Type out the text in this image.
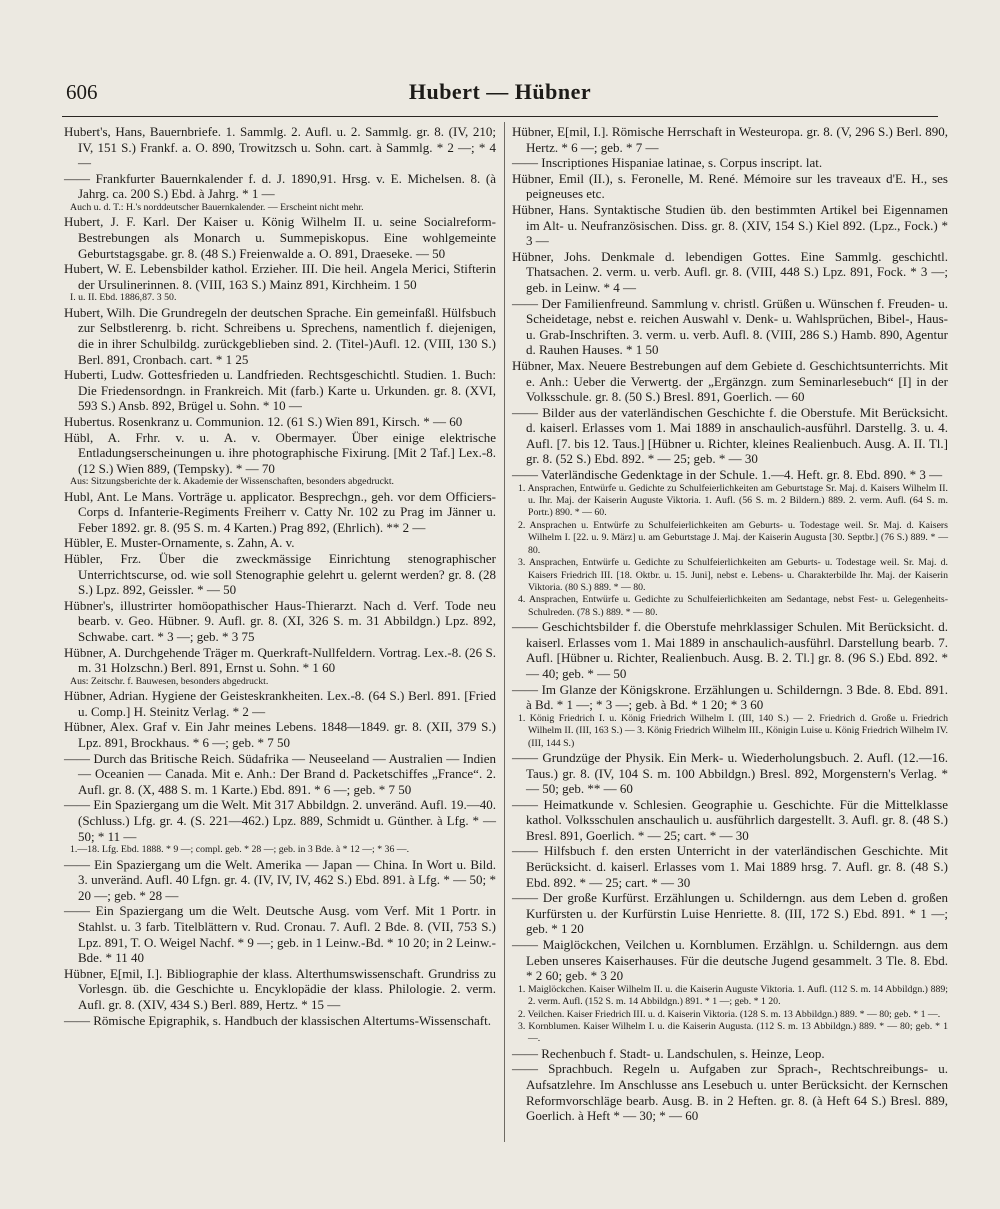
606	Hubert — Hübner

Hubert's, Hans, Bauernbriefe. 1. Sammlg. 2. Aufl. u. 2. Sammlg. gr. 8. (IV, 210; IV, 151 S.) Frankf. a. O. 890, Trowitzsch u. Sohn. cart. à Sammlg. * 2 —; * 4 —

—— Frankfurter Bauernkalender f. d. J. 1890,91. Hrsg. v. E. Michelsen. 8. (à Jahrg. ca. 200 S.) Ebd. à Jahrg. * 1 —

Auch u. d. T.: H.'s norddeutscher Bauernkalender. — Erscheint nicht mehr.

Hubert, J. F. Karl. Der Kaiser u. König Wilhelm II. u. seine Socialreform-Bestrebungen als Monarch u. Summepiskopus. Eine wohlgemeinte Geburtstagsgabe. gr. 8. (48 S.) Freienwalde a. O. 891, Draeseke. — 50

Hubert, W. E. Lebensbilder kathol. Erzieher. III. Die heil. Angela Merici, Stifterin der Ursulinerinnen. 8. (VIII, 163 S.) Mainz 891, Kirchheim. 1 50

I. u. II. Ebd. 1886,87. 3 50.

Hubert, Wilh. Die Grundregeln der deutschen Sprache. Ein gemeinfaßl. Hülfsbuch zur Selbstlerenrg. b. richt. Schreibens u. Sprechens, namentlich f. diejenigen, die in ihrer Schulbildg. zurückgeblieben sind. 2. (Titel-)Aufl. 12. (VIII, 130 S.) Berl. 891, Cronbach. cart. * 1 25

Huberti, Ludw. Gottesfrieden u. Landfrieden. Rechtsgeschichtl. Studien. 1. Buch: Die Friedensordngn. in Frankreich. Mit (farb.) Karte u. Urkunden. gr. 8. (XVI, 593 S.) Ansb. 892, Brügel u. Sohn. * 10 —

Hubertus. Rosenkranz u. Communion. 12. (61 S.) Wien 891, Kirsch. * — 60

Hübl, A. Frhr. v. u. A. v. Obermayer. Über einige elektrische Entladungserscheinungen u. ihre photographische Fixirung. [Mit 2 Taf.] Lex.-8. (12 S.) Wien 889, (Tempsky). * — 70

Aus: Sitzungsberichte der k. Akademie der Wissenschaften, besonders abgedruckt.

Hubl, Ant. Le Mans. Vorträge u. applicator. Besprechgn., geh. vor dem Officiers-Corps d. Infanterie-Regiments Freiherr v. Catty Nr. 102 zu Prag im Jänner u. Feber 1892. gr. 8. (95 S. m. 4 Karten.) Prag 892, (Ehrlich). ** 2 —

Hübler, E. Muster-Ornamente, s. Zahn, A. v.

Hübler, Frz. Über die zweckmässige Einrichtung stenographischer Unterrichtscurse, od. wie soll Stenographie gelehrt u. gelernt werden? gr. 8. (28 S.) Lpz. 892, Geissler. * — 50

Hübner's, illustrirter homöopathischer Haus-Thierarzt. Nach d. Verf. Tode neu bearb. v. Geo. Hübner. 9. Aufl. gr. 8. (XI, 326 S. m. 31 Abbildgn.) Lpz. 892, Schwabe. cart. * 3 —; geb. * 3 75

Hübner, A. Durchgehende Träger m. Querkraft-Nullfeldern. Vortrag. Lex.-8. (26 S. m. 31 Holzschn.) Berl. 891, Ernst u. Sohn. * 1 60

Aus: Zeitschr. f. Bauwesen, besonders abgedruckt.

Hübner, Adrian. Hygiene der Geisteskrankheiten. Lex.-8. (64 S.) Berl. 891. [Fried u. Comp.] H. Steinitz Verlag. * 2 —

Hübner, Alex. Graf v. Ein Jahr meines Lebens. 1848—1849. gr. 8. (XII, 379 S.) Lpz. 891, Brockhaus. * 6 —; geb. * 7 50

—— Durch das Britische Reich. Südafrika — Neuseeland — Australien — Indien — Oceanien — Canada. Mit e. Anh.: Der Brand d. Packetschiffes „France“. 2. Aufl. gr. 8. (X, 488 S. m. 1 Karte.) Ebd. 891. * 6 —; geb. * 7 50

—— Ein Spaziergang um die Welt. Mit 317 Abbildgn. 2. unveränd. Aufl. 19.—40. (Schluss.) Lfg. gr. 4. (S. 221—462.) Lpz. 889, Schmidt u. Günther. à Lfg. * — 50; * 11 —

1.—18. Lfg. Ebd. 1888. * 9 —; compl. geb. * 28 —; geb. in 3 Bde. à * 12 —; * 36 —.

—— Ein Spaziergang um die Welt. Amerika — Japan — China. In Wort u. Bild. 3. unveränd. Aufl. 40 Lfgn. gr. 4. (IV, IV, IV, 462 S.) Ebd. 891. à Lfg. * — 50; * 20 —; geb. * 28 —

—— Ein Spaziergang um die Welt. Deutsche Ausg. vom Verf. Mit 1 Portr. in Stahlst. u. 3 farb. Titelblättern v. Rud. Cronau. 7. Aufl. 2 Bde. 8. (VII, 753 S.) Lpz. 891, T. O. Weigel Nachf. * 9 —; geb. in 1 Leinw.-Bd. * 10 20; in 2 Leinw.-Bde. * 11 40

Hübner, E[mil, I.]. Bibliographie der klass. Alterthumswissenschaft. Grundriss zu Vorlesgn. üb. die Geschichte u. Encyklopädie der klass. Philologie. 2. verm. Aufl. gr. 8. (XIV, 434 S.) Berl. 889, Hertz. * 15 —

—— Römische Epigraphik, s. Handbuch der klassischen Altertums-Wissenschaft.

Hübner, E[mil, I.]. Römische Herrschaft in Westeuropa. gr. 8. (V, 296 S.) Berl. 890, Hertz. * 6 —; geb. * 7 —

—— Inscriptiones Hispaniae latinae, s. Corpus inscript. lat.

Hübner, Emil (II.), s. Feronelle, M. René. Mémoire sur les traveaux d'E. H., ses peigneuses etc.

Hübner, Hans. Syntaktische Studien üb. den bestimmten Artikel bei Eigennamen im Alt- u. Neufranzösischen. Diss. gr. 8. (XIV, 154 S.) Kiel 892. (Lpz., Fock.) * 3 —

Hübner, Johs. Denkmale d. lebendigen Gottes. Eine Sammlg. geschichtl. Thatsachen. 2. verm. u. verb. Aufl. gr. 8. (VIII, 448 S.) Lpz. 891, Fock. * 3 —; geb. in Leinw. * 4 —

—— Der Familienfreund. Sammlung v. christl. Grüßen u. Wünschen f. Freuden- u. Scheidetage, nebst e. reichen Auswahl v. Denk- u. Wahlsprüchen, Bibel-, Haus- u. Grab-Inschriften. 3. verm. u. verb. Aufl. 8. (VIII, 286 S.) Hamb. 890, Agentur d. Rauhen Hauses. * 1 50

Hübner, Max. Neuere Bestrebungen auf dem Gebiete d. Geschichtsunterrichts. Mit e. Anh.: Ueber die Verwertg. der „Ergänzgn. zum Seminarlesebuch“ [I] in der Volksschule. gr. 8. (50 S.) Bresl. 891, Goerlich. — 60

—— Bilder aus der vaterländischen Geschichte f. die Oberstufe. Mit Berücksicht. d. kaiserl. Erlasses vom 1. Mai 1889 in anschaulich-ausführl. Darstellg. 3. u. 4. Aufl. [7. bis 12. Taus.] [Hübner u. Richter, kleines Realienbuch. Ausg. A. II. Tl.] gr. 8. (52 S.) Ebd. 892. * — 25; geb. * — 30

—— Vaterländische Gedenktage in der Schule. 1.—4. Heft. gr. 8. Ebd. 890. * 3 —

1. Ansprachen, Entwürfe u. Gedichte zu Schulfeierlichkeiten am Geburtstage Sr. Maj. d. Kaisers Wilhelm II. u. Ihr. Maj. der Kaiserin Auguste Viktoria. 1. Aufl. (56 S. m. 2 Bildern.) 889. 2. verm. Aufl. (64 S. m. Portr.) 890. * — 60.

2. Ansprachen u. Entwürfe zu Schulfeierlichkeiten am Geburts- u. Todestage weil. Sr. Maj. d. Kaisers Wilhelm I. [22. u. 9. März] u. am Geburtstage J. Maj. der Kaiserin Augusta [30. Septbr.] (76 S.) 889. * — 80.

3. Ansprachen, Entwürfe u. Gedichte zu Schulfeierlichkeiten am Geburts- u. Todestage weil. Sr. Maj. d. Kaisers Friedrich III. [18. Oktbr. u. 15. Juni], nebst e. Lebens- u. Charakterbilde Ihr. Maj. der Kaiserin Viktoria. (80 S.) 889. * — 80.

4. Ansprachen, Entwürfe u. Gedichte zu Schulfeierlichkeiten am Sedantage, nebst Fest- u. Gelegenheits-Schulreden. (78 S.) 889. * — 80.

—— Geschichtsbilder f. die Oberstufe mehrklassiger Schulen. Mit Berücksicht. d. kaiserl. Erlasses vom 1. Mai 1889 in anschaulich-ausführl. Darstellung bearb. 7. Aufl. [Hübner u. Richter, Realienbuch. Ausg. B. 2. Tl.] gr. 8. (96 S.) Ebd. 892. * — 40; geb. * — 50

—— Im Glanze der Königskrone. Erzählungen u. Schilderngn. 3 Bde. 8. Ebd. 891. à Bd. * 1 —; * 3 —; geb. à Bd. * 1 20; * 3 60

1. König Friedrich I. u. König Friedrich Wilhelm I. (III, 140 S.) — 2. Friedrich d. Große u. Friedrich Wilhelm II. (III, 163 S.) — 3. König Friedrich Wilhelm III., Königin Luise u. König Friedrich Wilhelm IV. (III, 144 S.)

—— Grundzüge der Physik. Ein Merk- u. Wiederholungsbuch. 2. Aufl. (12.—16. Taus.) gr. 8. (IV, 104 S. m. 100 Abbildgn.) Bresl. 892, Morgenstern's Verlag. * — 50; geb. ** — 60

—— Heimatkunde v. Schlesien. Geographie u. Geschichte. Für die Mittelklasse kathol. Volksschulen anschaulich u. ausführlich dargestellt. 3. Aufl. gr. 8. (48 S.) Bresl. 891, Goerlich. * — 25; cart. * — 30

—— Hilfsbuch f. den ersten Unterricht in der vaterländischen Geschichte. Mit Berücksicht. d. kaiserl. Erlasses vom 1. Mai 1889 hrsg. 7. Aufl. gr. 8. (48 S.) Ebd. 892. * — 25; cart. * — 30

—— Der große Kurfürst. Erzählungen u. Schilderngn. aus dem Leben d. großen Kurfürsten u. der Kurfürstin Luise Henriette. 8. (III, 172 S.) Ebd. 891. * 1 —; geb. * 1 20

—— Maiglöckchen, Veilchen u. Kornblumen. Erzählgn. u. Schilderngn. aus dem Leben unseres Kaiserhauses. Für die deutsche Jugend gesammelt. 3 Tle. 8. Ebd. * 2 60; geb. * 3 20

1. Maiglöckchen. Kaiser Wilhelm II. u. die Kaiserin Auguste Viktoria. 1. Aufl. (112 S. m. 14 Abbildgn.) 889; 2. verm. Aufl. (152 S. m. 14 Abbildgn.) 891. * 1 —; geb. * 1 20.

2. Veilchen. Kaiser Friedrich III. u. d. Kaiserin Viktoria. (128 S. m. 13 Abbildgn.) 889. * — 80; geb. * 1 —.

3. Kornblumen. Kaiser Wilhelm I. u. die Kaiserin Augusta. (112 S. m. 13 Abbildgn.) 889. * — 80; geb. * 1 —.

—— Rechenbuch f. Stadt- u. Landschulen, s. Heinze, Leop.

—— Sprachbuch. Regeln u. Aufgaben zur Sprach-, Rechtschreibungs- u. Aufsatzlehre. Im Anschlusse ans Lesebuch u. unter Berücksicht. der Kernschen Reformvorschläge bearb. Ausg. B. in 2 Heften. gr. 8. (à Heft 64 S.) Bresl. 889, Goerlich. à Heft * — 30; * — 60
